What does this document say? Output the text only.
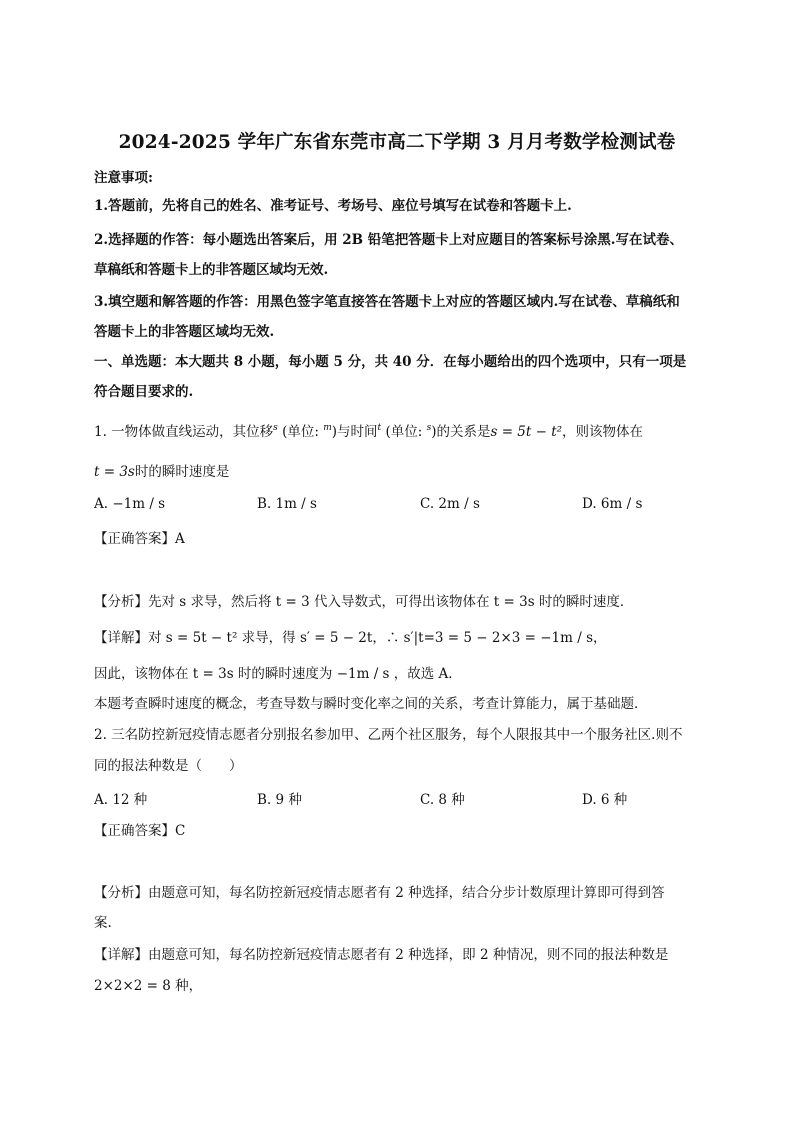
2024-2025 学年广东省东莞市高二下学期 3 月月考数学检测试卷
注意事项:
1.答题前，先将自己的姓名、准考证号、考场号、座位号填写在试卷和答题卡上.
2.选择题的作答：每小题选出答案后，用 2B 铅笔把答题卡上对应题目的答案标号涂黑.写在试卷、
草稿纸和答题卡上的非答题区域均无效.
3.填空题和解答题的作答：用黑色签字笔直接答在答题卡上对应的答题区域内.写在试卷、草稿纸和
答题卡上的非答题区域均无效.
一、单选题：本大题共 8 小题，每小题 5 分，共 40 分．在每小题给出的四个选项中，只有一项是
符合题目要求的.
1. 一物体做直线运动，其位移$^s$ (单位: $^m$)与时间$^t$ (单位: $^s$)的关系是s = 5t − t²，则该物体在
t = 3s时的瞬时速度是
A. −1m / s	B. 1m / s	C. 2m / s	D. 6m / s
【正确答案】A
【分析】先对 s 求导，然后将 t = 3 代入导数式，可得出该物体在 t = 3s 时的瞬时速度．
【详解】对 s = 5t − t² 求导，得 s′ = 5 − 2t，∴ s′|t=3 = 5 − 2×3 = −1m / s，
因此，该物体在 t = 3s 时的瞬时速度为 −1m / s ，故选 A．
本题考查瞬时速度的概念，考查导数与瞬时变化率之间的关系，考查计算能力，属于基础题．
2. 三名防控新冠疫情志愿者分别报名参加甲、乙两个社区服务，每个人限报其中一个服务社区.则不
同的报法种数是（　　）
A. 12 种	B. 9 种	C. 8 种	D. 6 种
【正确答案】C
【分析】由题意可知，每名防控新冠疫情志愿者有 2 种选择，结合分步计数原理计算即可得到答
案.
【详解】由题意可知，每名防控新冠疫情志愿者有 2 种选择，即 2 种情况，则不同的报法种数是
2×2×2 = 8 种，
